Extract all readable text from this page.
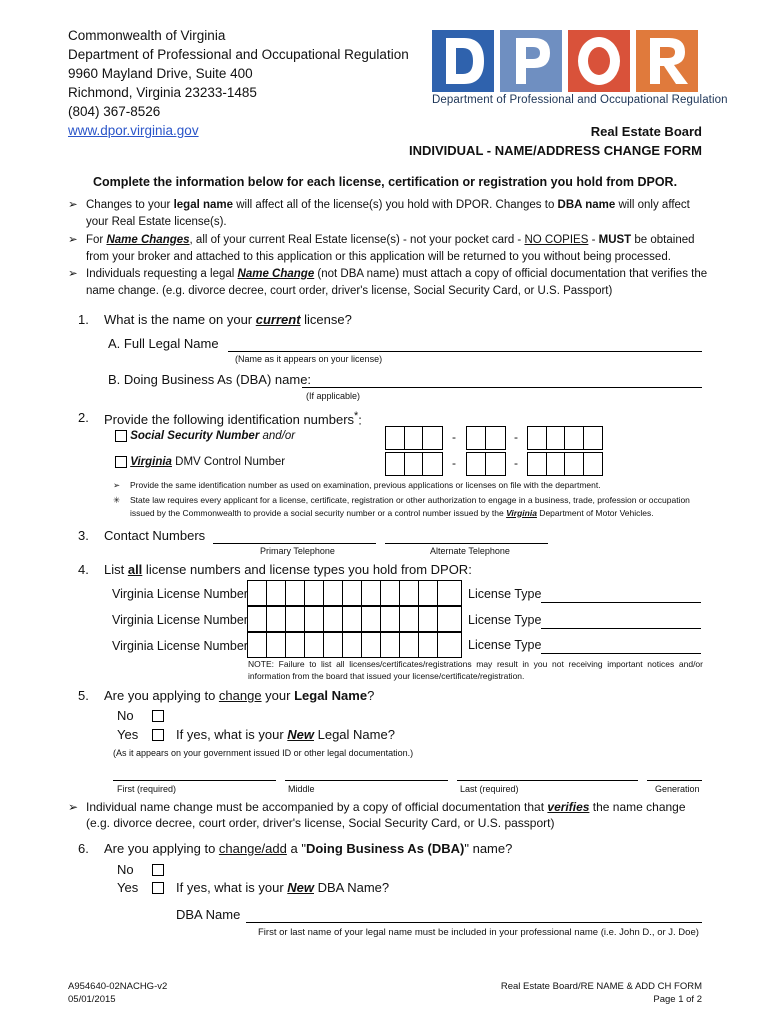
Commonwealth of Virginia
Department of Professional and Occupational Regulation
9960 Mayland Drive, Suite 400
Richmond, Virginia 23233-1485
(804) 367-8526
www.dpor.virginia.gov
Department of Professional and Occupational Regulation
Real Estate Board
INDIVIDUAL - NAME/ADDRESS CHANGE FORM
Complete the information below for each license, certification or registration you hold from DPOR.
➢ Changes to your legal name will affect all of the license(s) you hold with DPOR. Changes to DBA name will only affect your Real Estate license(s).
➢ For Name Changes, all of your current Real Estate license(s) - not your pocket card - NO COPIES - MUST be obtained from your broker and attached to this application or this application will be returned to you without being processed.
➢ Individuals requesting a legal Name Change (not DBA name) must attach a copy of official documentation that verifies the name change. (e.g. divorce decree, court order, driver's license, Social Security Card, or U.S. Passport)
1. What is the name on your current license?
A. Full Legal Name
(Name as it appears on your license)
B. Doing Business As (DBA) name:
(If applicable)
2. Provide the following identification numbers*:
Social Security Number and/or	-	-
Virginia DMV Control Number	-	-
➢ Provide the same identification number as used on examination, previous applications or licenses on file with the department.
✳ State law requires every applicant for a license, certificate, registration or other authorization to engage in a business, trade, profession or occupation issued by the Commonwealth to provide a social security number or a control number issued by the Virginia Department of Motor Vehicles.
3. Contact Numbers
Primary Telephone	Alternate Telephone
4. List all license numbers and license types you hold from DPOR:
Virginia License Number	License Type
Virginia License Number	License Type
Virginia License Number	License Type
NOTE: Failure to list all licenses/certificates/registrations may result in you not receiving important notices and/or information from the board that issued your license/certificate/registration.
5. Are you applying to change your Legal Name?
No
Yes	If yes, what is your New Legal Name?
(As it appears on your government issued ID or other legal documentation.)
First (required)	Middle	Last (required)	Generation
➢ Individual name change must be accompanied by a copy of official documentation that verifies the name change (e.g. divorce decree, court order, driver's license, Social Security Card, or U.S. passport)
6. Are you applying to change/add a "Doing Business As (DBA)" name?
No
Yes	If yes, what is your New DBA Name?
DBA Name
First or last name of your legal name must be included in your professional name (i.e. John D., or J. Doe)
A954640-02NACHG-v2
05/01/2015
Real Estate Board/RE NAME & ADD CH FORM
Page 1 of 2
